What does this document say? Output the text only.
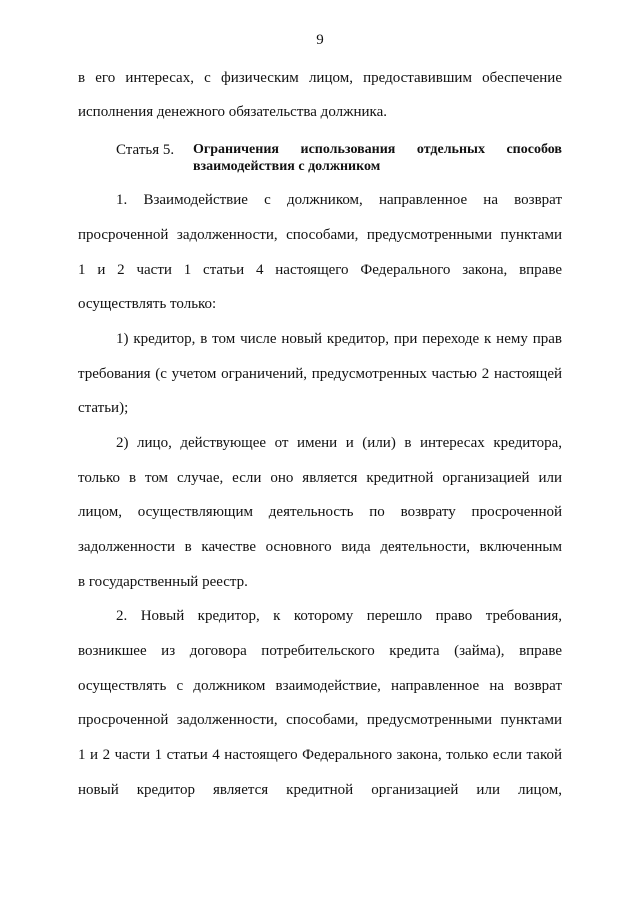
9
в его интересах, с физическим лицом, предоставившим обеспечение
исполнения денежного обязательства должника.
Статья 5. Ограничения использования отдельных способов
взаимодействия с должником
1. Взаимодействие с должником, направленное на возврат
просроченной задолженности, способами, предусмотренными пунктами
1 и 2 части 1 статьи 4 настоящего Федерального закона, вправе
осуществлять только:
1) кредитор, в том числе новый кредитор, при переходе к нему прав
требования (с учетом ограничений, предусмотренных частью 2 настоящей
статьи);
2) лицо, действующее от имени и (или) в интересах кредитора,
только в том случае, если оно является кредитной организацией или
лицом, осуществляющим деятельность по возврату просроченной
задолженности в качестве основного вида деятельности, включенным
в государственный реестр.
2. Новый кредитор, к которому перешло право требования,
возникшее из договора потребительского кредита (займа), вправе
осуществлять с должником взаимодействие, направленное на возврат
просроченной задолженности, способами, предусмотренными пунктами
1 и 2 части 1 статьи 4 настоящего Федерального закона, только если такой
новый кредитор является кредитной организацией или лицом,
